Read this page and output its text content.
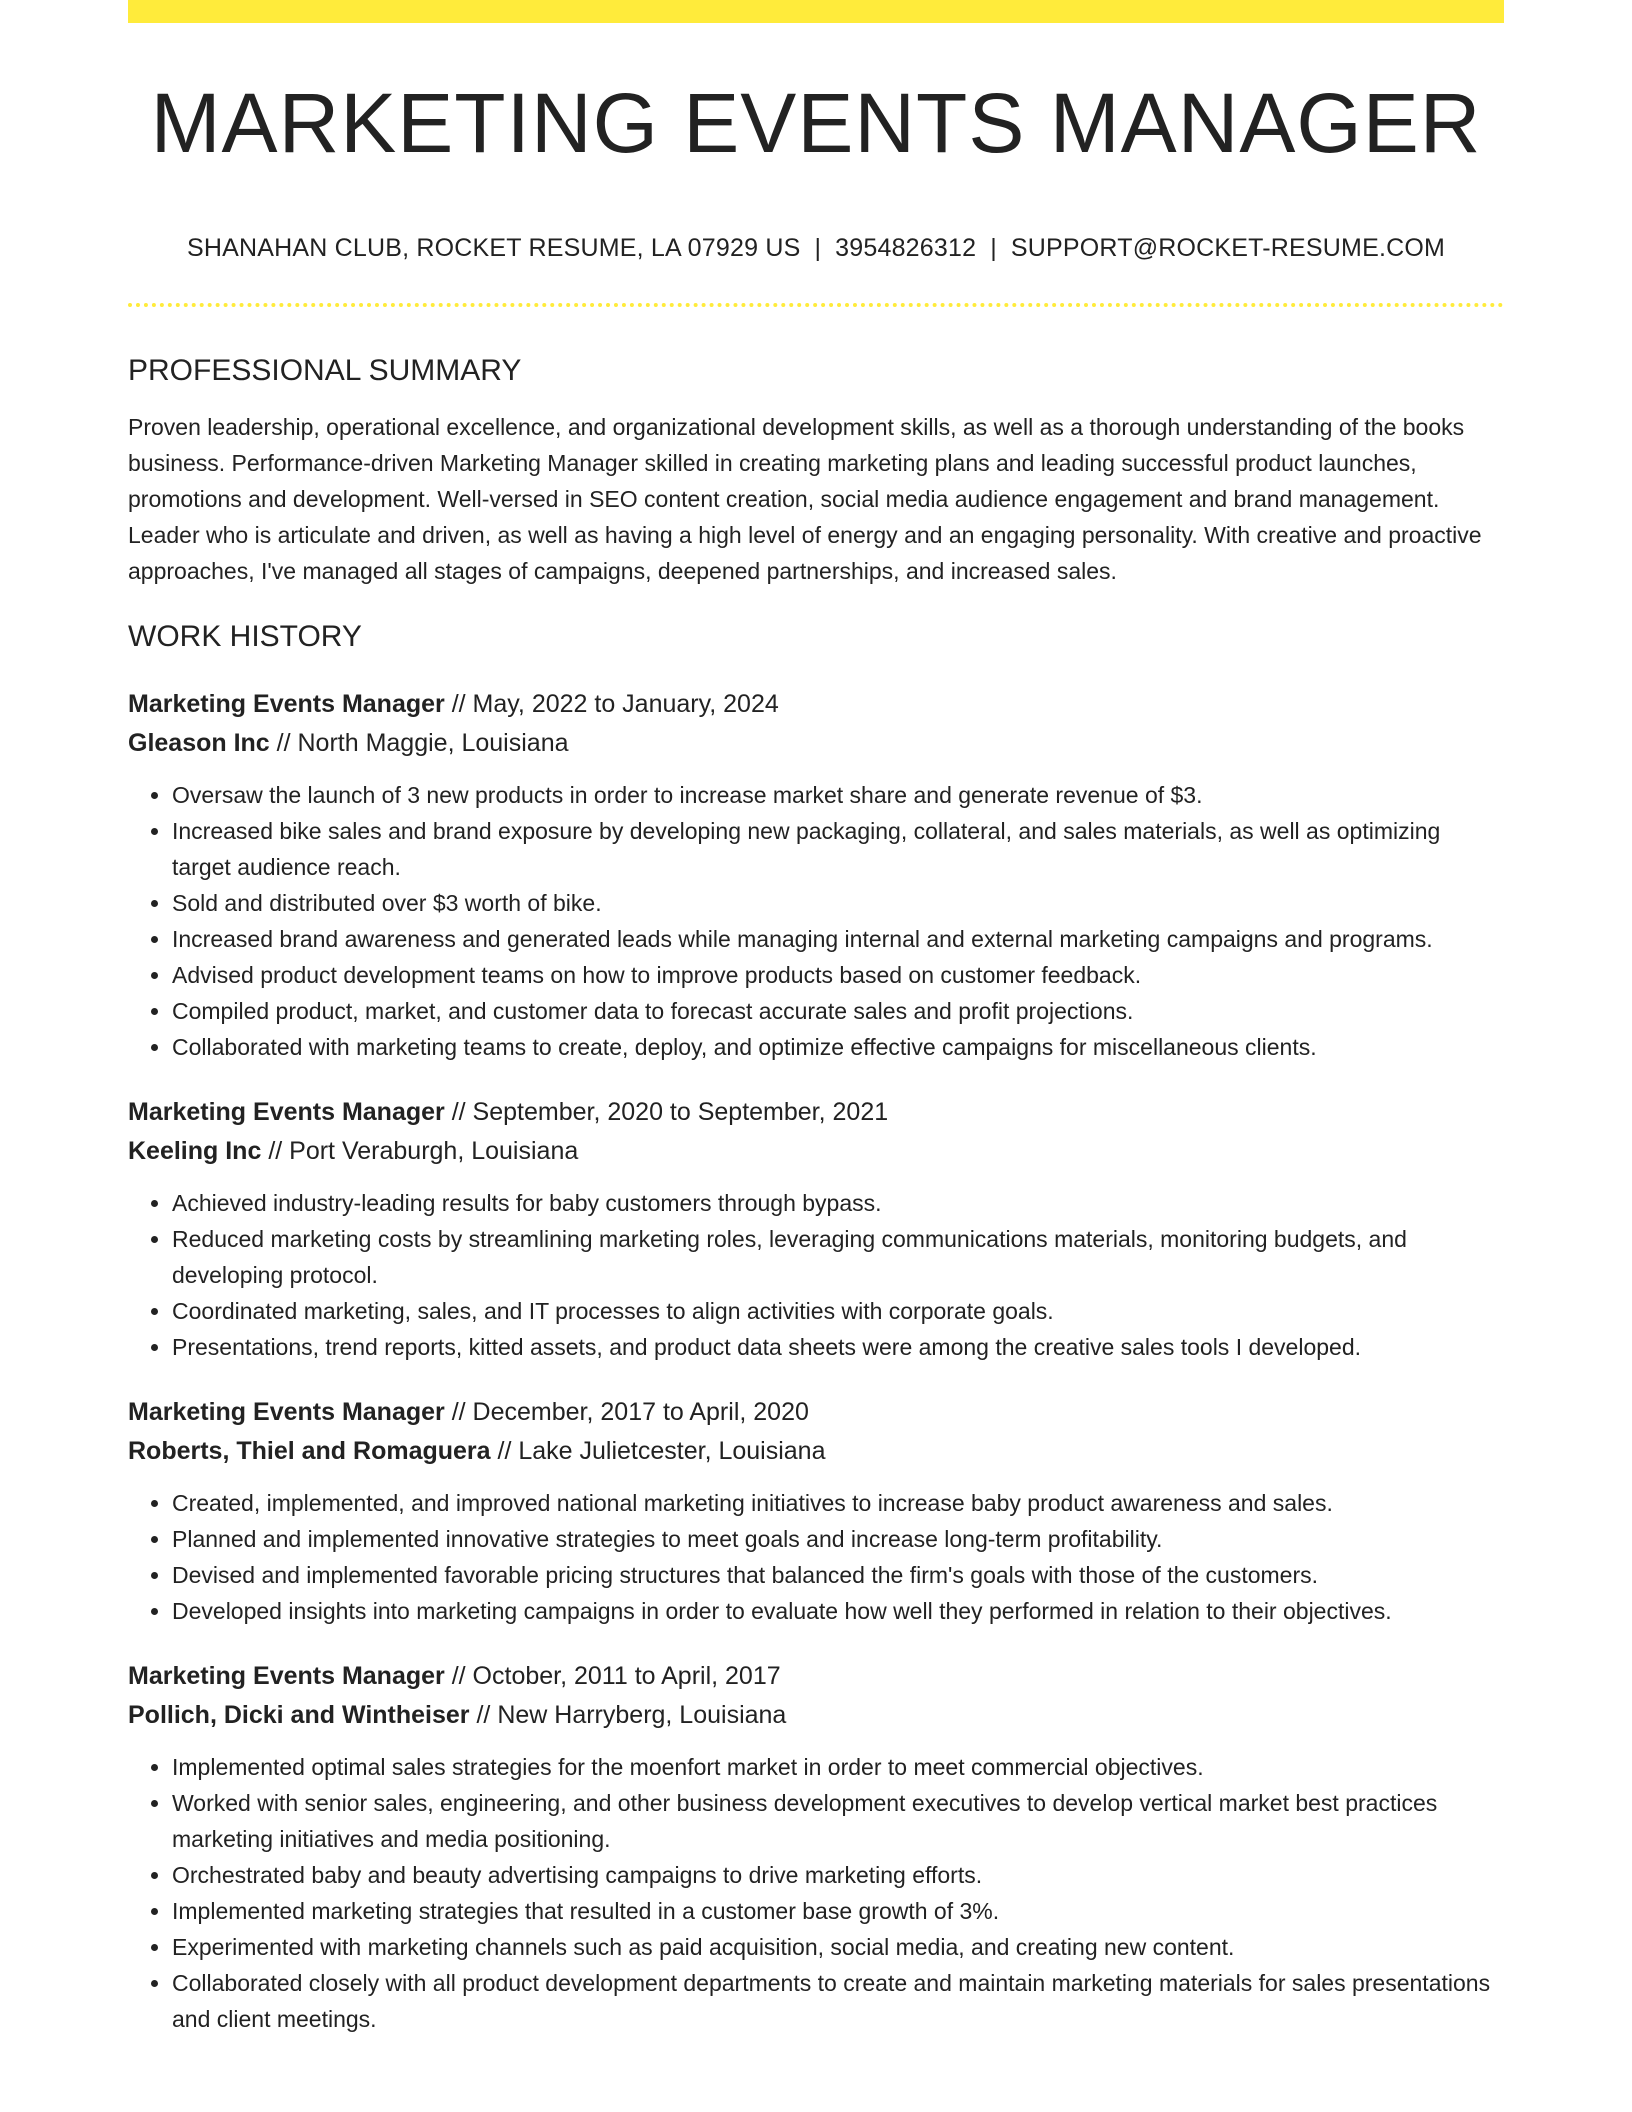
MARKETING EVENTS MANAGER
SHANAHAN CLUB, ROCKET RESUME, LA 07929 US | 3954826312 | SUPPORT@ROCKET-RESUME.COM
PROFESSIONAL SUMMARY

Proven leadership, operational excellence, and organizational development skills, as well as a thorough understanding of the books business. Performance-driven Marketing Manager skilled in creating marketing plans and leading successful product launches, promotions and development. Well-versed in SEO content creation, social media audience engagement and brand management. Leader who is articulate and driven, as well as having a high level of energy and an engaging personality. With creative and proactive approaches, I've managed all stages of campaigns, deepened partnerships, and increased sales.

WORK HISTORY
Marketing Events Manager // May, 2022 to January, 2024
Gleason Inc // North Maggie, Louisiana
• Oversaw the launch of 3 new products in order to increase market share and generate revenue of $3.
• Increased bike sales and brand exposure by developing new packaging, collateral, and sales materials, as well as optimizing target audience reach.
• Sold and distributed over $3 worth of bike.
• Increased brand awareness and generated leads while managing internal and external marketing campaigns and programs.
• Advised product development teams on how to improve products based on customer feedback.
• Compiled product, market, and customer data to forecast accurate sales and profit projections.
• Collaborated with marketing teams to create, deploy, and optimize effective campaigns for miscellaneous clients.
Marketing Events Manager // September, 2020 to September, 2021
Keeling Inc // Port Veraburgh, Louisiana
• Achieved industry-leading results for baby customers through bypass.
• Reduced marketing costs by streamlining marketing roles, leveraging communications materials, monitoring budgets, and developing protocol.
• Coordinated marketing, sales, and IT processes to align activities with corporate goals.
• Presentations, trend reports, kitted assets, and product data sheets were among the creative sales tools I developed.
Marketing Events Manager // December, 2017 to April, 2020
Roberts, Thiel and Romaguera // Lake Julietcester, Louisiana
• Created, implemented, and improved national marketing initiatives to increase baby product awareness and sales.
• Planned and implemented innovative strategies to meet goals and increase long-term profitability.
• Devised and implemented favorable pricing structures that balanced the firm's goals with those of the customers.
• Developed insights into marketing campaigns in order to evaluate how well they performed in relation to their objectives.
Marketing Events Manager // October, 2011 to April, 2017
Pollich, Dicki and Wintheiser // New Harryberg, Louisiana
• Implemented optimal sales strategies for the moenfort market in order to meet commercial objectives.
• Worked with senior sales, engineering, and other business development executives to develop vertical market best practices marketing initiatives and media positioning.
• Orchestrated baby and beauty advertising campaigns to drive marketing efforts.
• Implemented marketing strategies that resulted in a customer base growth of 3%.
• Experimented with marketing channels such as paid acquisition, social media, and creating new content.
• Collaborated closely with all product development departments to create and maintain marketing materials for sales presentations and client meetings.
